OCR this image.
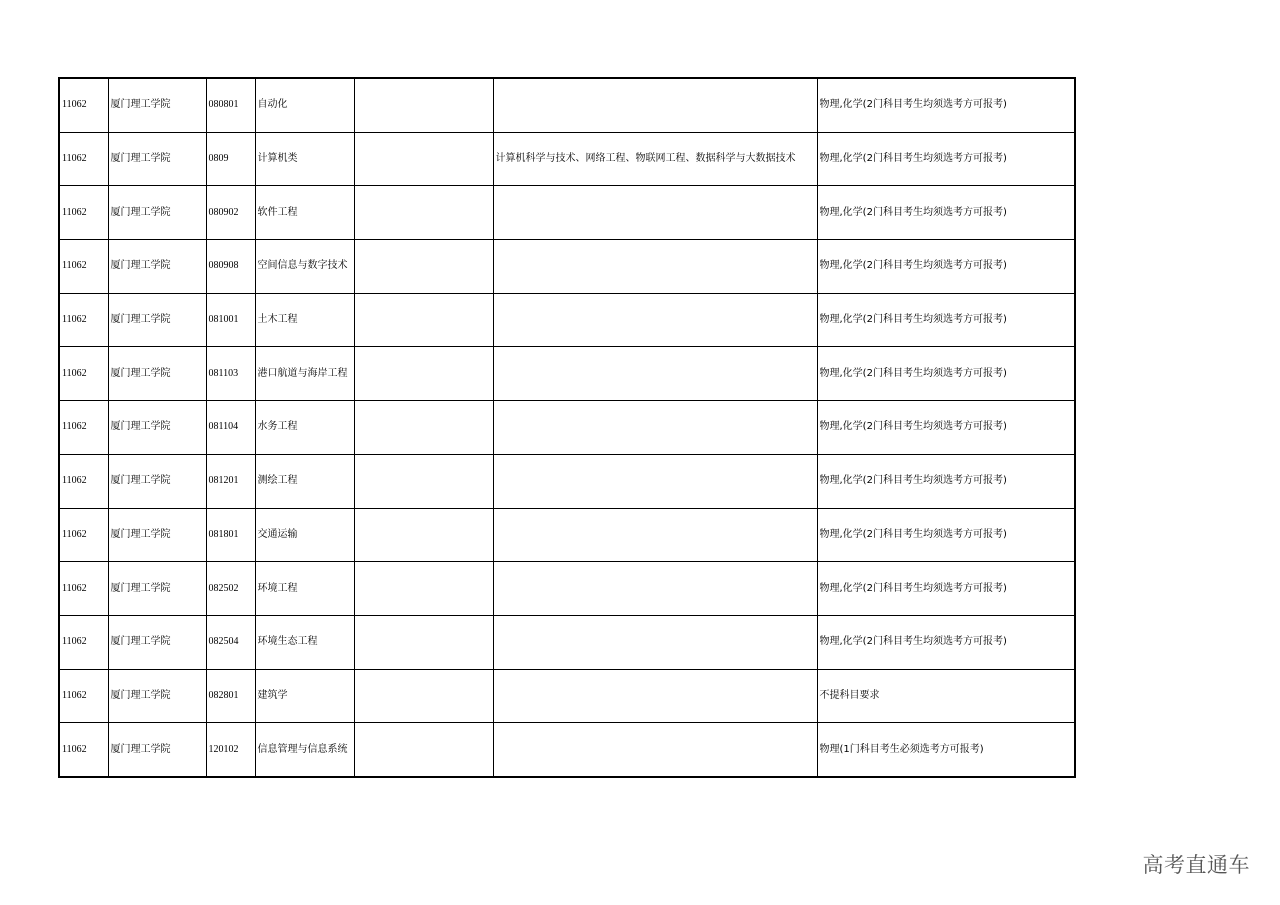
11062	厦门理工学院	080801	自动化			物理,化学(2门科目考生均须选考方可报考)
11062	厦门理工学院	0809	计算机类		计算机科学与技术、网络工程、物联网工程、数据科学与大数据技术	物理,化学(2门科目考生均须选考方可报考)
11062	厦门理工学院	080902	软件工程			物理,化学(2门科目考生均须选考方可报考)
11062	厦门理工学院	080908	空间信息与数字技术			物理,化学(2门科目考生均须选考方可报考)
11062	厦门理工学院	081001	土木工程			物理,化学(2门科目考生均须选考方可报考)
11062	厦门理工学院	081103	港口航道与海岸工程			物理,化学(2门科目考生均须选考方可报考)
11062	厦门理工学院	081104	水务工程			物理,化学(2门科目考生均须选考方可报考)
11062	厦门理工学院	081201	测绘工程			物理,化学(2门科目考生均须选考方可报考)
11062	厦门理工学院	081801	交通运输			物理,化学(2门科目考生均须选考方可报考)
11062	厦门理工学院	082502	环境工程			物理,化学(2门科目考生均须选考方可报考)
11062	厦门理工学院	082504	环境生态工程			物理,化学(2门科目考生均须选考方可报考)
11062	厦门理工学院	082801	建筑学			不提科目要求
11062	厦门理工学院	120102	信息管理与信息系统			物理(1门科目考生必须选考方可报考)
高考直通车
